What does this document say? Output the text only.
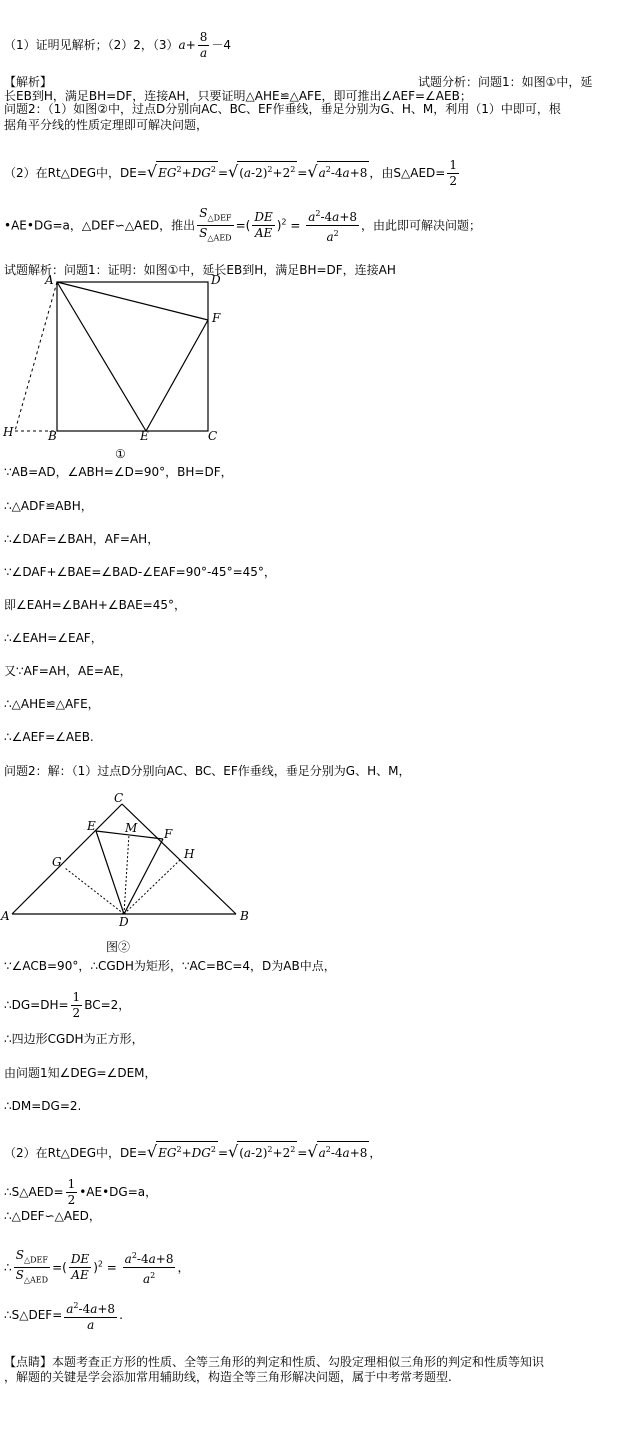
（1）证明见解析；（2）2，$(3)a+ \frac{8}{a} -4$
【解析】	试题分析：问题1：如图①中，延
长EB到H，满足BH=DF，连接AH，只要证明△AHE≌△AFE，即可推出∠AEF=∠AEB；
问题2：（1）如图②中，过点D分别向AC、BC、EF作垂线，垂足分别为G、H、M，利用（1）中即可，根
据角平分线的性质定理即可解决问题，
（2）在Rt△DEG中，$DE=√EG^2+DG^2 =√(a-2)^2+2^2 =√a^2-4a+8$ ，由S△AED= $\frac{1}{2}$
•AE•DG=a，△DEF∽△AED，推出 $\frac{S_{\triangle DEF}}{S_{\triangle AED}}$ =( $\frac{DE}{AE} )^2 = \frac{a^2-4a+8}{a^2}$ ，由此即可解决问题；
试题解析：问题1：证明：如图①中，延长EB到H，满足BH=DF，连接AH
A	D
F
H	B	E	C
①
∵AB=AD，∠ABH=∠D=90°，BH=DF，
∴△ADF≌ABH，
∴∠DAF=∠BAH，AF=AH，
∵∠DAF+∠BAE=∠BAD-∠EAF=90°-45°=45°，
即∠EAH=∠BAH+∠BAE=45°，
∴∠EAH=∠EAF，
又∵AF=AH，AE=AE，
∴△AHE≌△AFE，
∴∠AEF=∠AEB.
问题2：解：（1）过点D分别向AC、BC、EF作垂线，垂足分别为G、H、M，
C
E M F
G
H
A	D	B
图②
∵∠ACB=90°，∴CGDH为矩形，∵AC=BC=4，D为AB中点，
∴DG=DH= $\frac{1}{2} BC=2$，
∴四边形CGDH为正方形，
由问题1知∠DEG=∠DEM，
∴DM=DG=2.
（2）在Rt△DEG中，$DE=√EG^2+DG^2 =√(a-2)^2+2^2 =√a^2-4a+8$ ，
∴S△AED= $\frac{1}{2}$ •AE•DG=a，
∴△DEF∽△AED，
∴ $\frac{S_{\triangle DEF}}{S_{\triangle AED}}$ =( $\frac{DE}{AE} )^2 = \frac{a^2-4a+8}{a^2}$ ，
∴S△DEF= $\frac{a^2-4a+8}{a}$ .
【点睛】本题考查正方形的性质、全等三角形的判定和性质、勾股定理相似三角形的判定和性质等知识
，解题的关键是学会添加常用辅助线，构造全等三角形解决问题，属于中考常考题型.
